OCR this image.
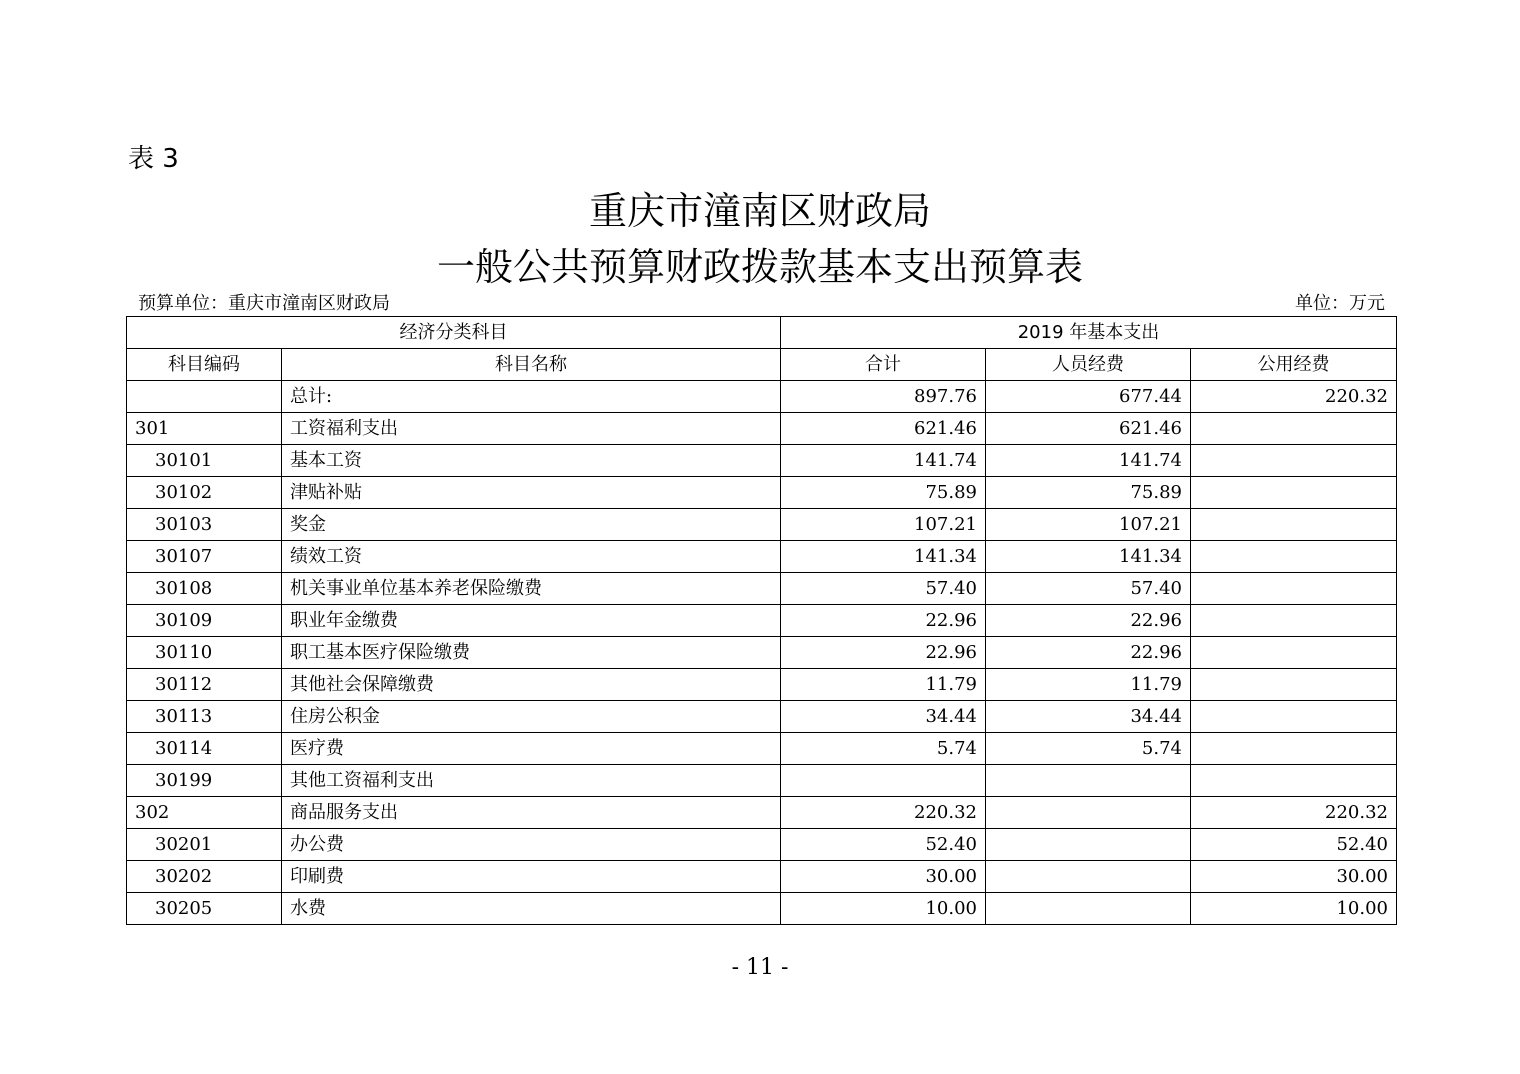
表 3
重庆市潼南区财政局
一般公共预算财政拨款基本支出预算表
预算单位：重庆市潼南区财政局	单位：万元
经济分类科目		2019 年基本支出		
科目编码	科目名称	合计	人员经费	公用经费
	总计:	897.76	677.44	220.32
301	工资福利支出	621.46	621.46	
30101	基本工资	141.74	141.74	
30102	津贴补贴	75.89	75.89	
30103	奖金	107.21	107.21	
30107	绩效工资	141.34	141.34	
30108	机关事业单位基本养老保险缴费	57.40	57.40	
30109	职业年金缴费	22.96	22.96	
30110	职工基本医疗保险缴费	22.96	22.96	
30112	其他社会保障缴费	11.79	11.79	
30113	住房公积金	34.44	34.44	
30114	医疗费	5.74	5.74	
30199	其他工资福利支出			
302	商品服务支出	220.32		220.32
30201	办公费	52.40		52.40
30202	印刷费	30.00		30.00
30205	水费	10.00		10.00
- 11 -
